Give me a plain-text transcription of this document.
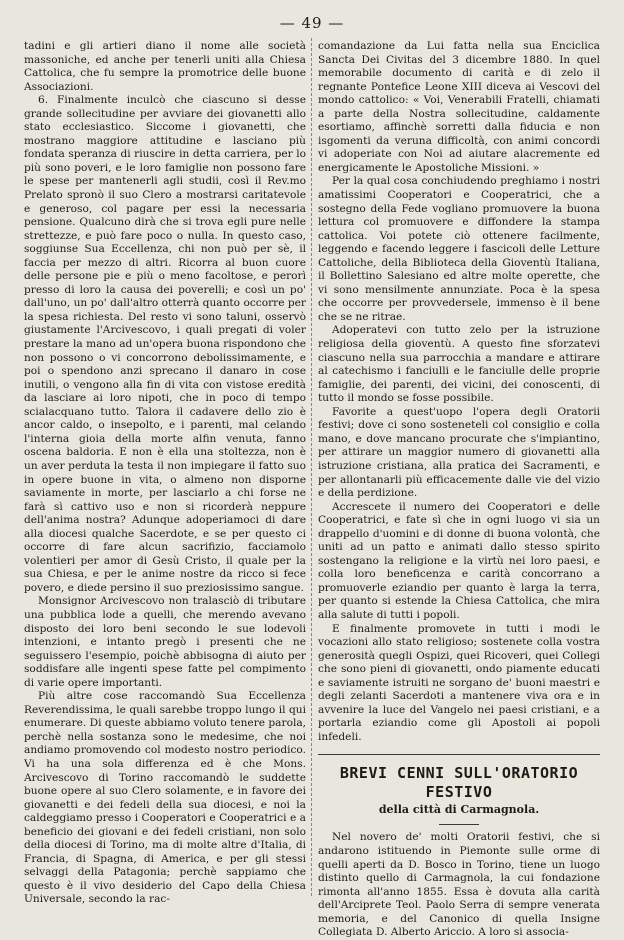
— 49 —

tadini e gli artieri diano il nome alle società massoniche, ed anche per tenerli uniti alla Chiesa Cattolica, che fu sempre la promotrice delle buone Associazioni.

6. Finalmente inculcò che ciascuno si desse grande sollecitudine per avviare dei giovanetti allo stato ecclesiastico. Siccome i giovanetti, che mostrano maggiore attitudine e lasciano più fondata speranza di riuscire in detta carriera, per lo più sono poveri, e le loro famiglie non possono fare le spese per mantenerli agli studii, così il Rev.mo Prelato spronò il suo Clero a mostrarsi caritatevole e generoso, col pagare per essi la necessaria pensione. Qualcuno dirà che si trova egli pure nelle strettezze, e può fare poco o nulla. In questo caso, soggiunse Sua Eccellenza, chi non può per sè, il faccia per mezzo di altri. Ricorra al buon cuore delle persone pie e più o meno facoltose, e perorì presso di loro la causa dei poverelli; e così un po' dall'uno, un po' dall'altro otterrà quanto occorre per la spesa richiesta. Del resto vi sono taluni, osservò giustamente l'Arcivescovo, i quali pregati di voler prestare la mano ad un'opera buona rispondono che non possono o vi concorrono debolissimamente, e poi o spendono anzi sprecano il danaro in cose inutili, o vengono alla fin di vita con vistose eredità da lasciare ai loro nipoti, che in poco di tempo scialacquano tutto. Talora il cadavere dello zio è ancor caldo, o insepolto, e i parenti, mal celando l'interna gioia della morte alfin venuta, fanno oscena baldoria. E non è ella una stoltezza, non è un aver perduta la testa il non impiegare il fatto suo in opere buone in vita, o almeno non disporne saviamente in morte, per lasciarlo a chi forse ne farà sì cattivo uso e non si ricorderà neppure dell'anima nostra? Adunque adoperiamoci di dare alla diocesi qualche Sacerdote, e se per questo ci occorre di fare alcun sacrifizio, facciamolo volentieri per amor di Gesù Cristo, il quale per la sua Chiesa, e per le anime nostre da ricco si fece povero, e diede persino il suo preziosissimo sangue.

Monsignor Arcivescovo non tralasciò di tributare una pubblica lode a quelli, che merendo avevano disposto dei loro beni secondo le sue lodevoli intenzioni, e intanto pregò i presenti che ne seguissero l'esempio, poichè abbisogna di aiuto per soddisfare alle ingenti spese fatte pel compimento di varie opere importanti.

Più altre cose raccomandò Sua Eccellenza Reverendissima, le quali sarebbe troppo lungo il qui enumerare. Di queste abbiamo voluto tenere parola, perchè nella sostanza sono le medesime, che noi andiamo promovendo col modesto nostro periodico. Vi ha una sola differenza ed è che Mons. Arcivescovo di Torino raccomandò le suddette buone opere al suo Clero solamente, e in favore dei giovanetti e dei fedeli della sua diocesi, e noi la caldeggiamo presso i Cooperatori e Cooperatrici e a beneficio dei giovani e dei fedeli cristiani, non solo della diocesi di Torino, ma di molte altre d'Italia, di Francia, di Spagna, di America, e per gli stessi selvaggi della Patagonia; perchè sappiamo che questo è il vivo desiderio del Capo della Chiesa Universale, secondo la rac-

comandazione da Lui fatta nella sua Enciclica Sancta Dei Civitas del 3 dicembre 1880. In quel memorabile documento di carità e di zelo il regnante Pontefice Leone XIII diceva ai Vescovi del mondo cattolico: « Voi, Venerabili Fratelli, chiamati a parte della Nostra sollecitudine, caldamente esortiamo, affinchè sorretti dalla fiducia e non isgomenti da veruna difficoltà, con animi concordi vi adoperiate con Noi ad aiutare alacremente ed energicamente le Apostoliche Missioni. »

Per la qual cosa conchiudendo preghiamo i nostri amatissimi Cooperatori e Cooperatrici, che a sostegno della Fede vogliano promuovere la buona lettura col promuovere e diffondere la stampa cattolica. Voi potete ciò ottenere facilmente, leggendo e facendo leggere i fascicoli delle Letture Cattoliche, della Biblioteca della Gioventù Italiana, il Bollettino Salesiano ed altre molte operette, che vi sono mensilmente annunziate. Poca è la spesa che occorre per provvedersele, immenso è il bene che se ne ritrae.

Adoperatevi con tutto zelo per la istruzione religiosa della gioventù. A questo fine sforzatevi ciascuno nella sua parrocchia a mandare e attirare al catechismo i fanciulli e le fanciulle delle proprie famiglie, dei parenti, dei vicini, dei conoscenti, di tutto il mondo se fosse possibile.

Favorite a quest'uopo l'opera degli Oratorii festivi; dove ci sono sosteneteli col consiglio e colla mano, e dove mancano procurate che s'impiantino, per attirare un maggior numero di giovanetti alla istruzione cristiana, alla pratica dei Sacramenti, e per allontanarli più efficacemente dalle vie del vizio e della perdizione.

Accrescete il numero dei Cooperatori e delle Cooperatrici, e fate sì che in ogni luogo vi sia un drappello d'uomini e di donne di buona volontà, che uniti ad un patto e animati dallo stesso spirito sostengano la religione e la virtù nei loro paesi, e colla loro beneficenza e carità concorrano a promuoverle eziandio per quanto è larga la terra, per quanto si estende la Chiesa Cattolica, che mira alla salute di tutti i popoli.

E finalmente promovete in tutti i modi le vocazioni allo stato religioso; sostenete colla vostra generosità quegli Ospizi, quei Ricoveri, quei Collegi che sono pieni di giovanetti, ondo piamente educati e saviamente istruiti ne sorgano de' buoni maestri e degli zelanti Sacerdoti a mantenere viva ora e in avvenire la luce del Vangelo nei paesi cristiani, e a portarla eziandio come gli Apostoli ai popoli infedeli.

BREVI CENNI SULL'ORATORIO FESTIVO
della città di Carmagnola.

Nel novero de' molti Oratorii festivi, che si andarono istituendo in Piemonte sulle orme di quelli aperti da D. Bosco in Torino, tiene un luogo distinto quello di Carmagnola, la cui fondazione rimonta all'anno 1855. Essa è dovuta alla carità dell'Arciprete Teol. Paolo Serra di sempre venerata memoria, e del Canonico di quella Insigne Collegiata D. Alberto Ariccio. A loro si associa-
